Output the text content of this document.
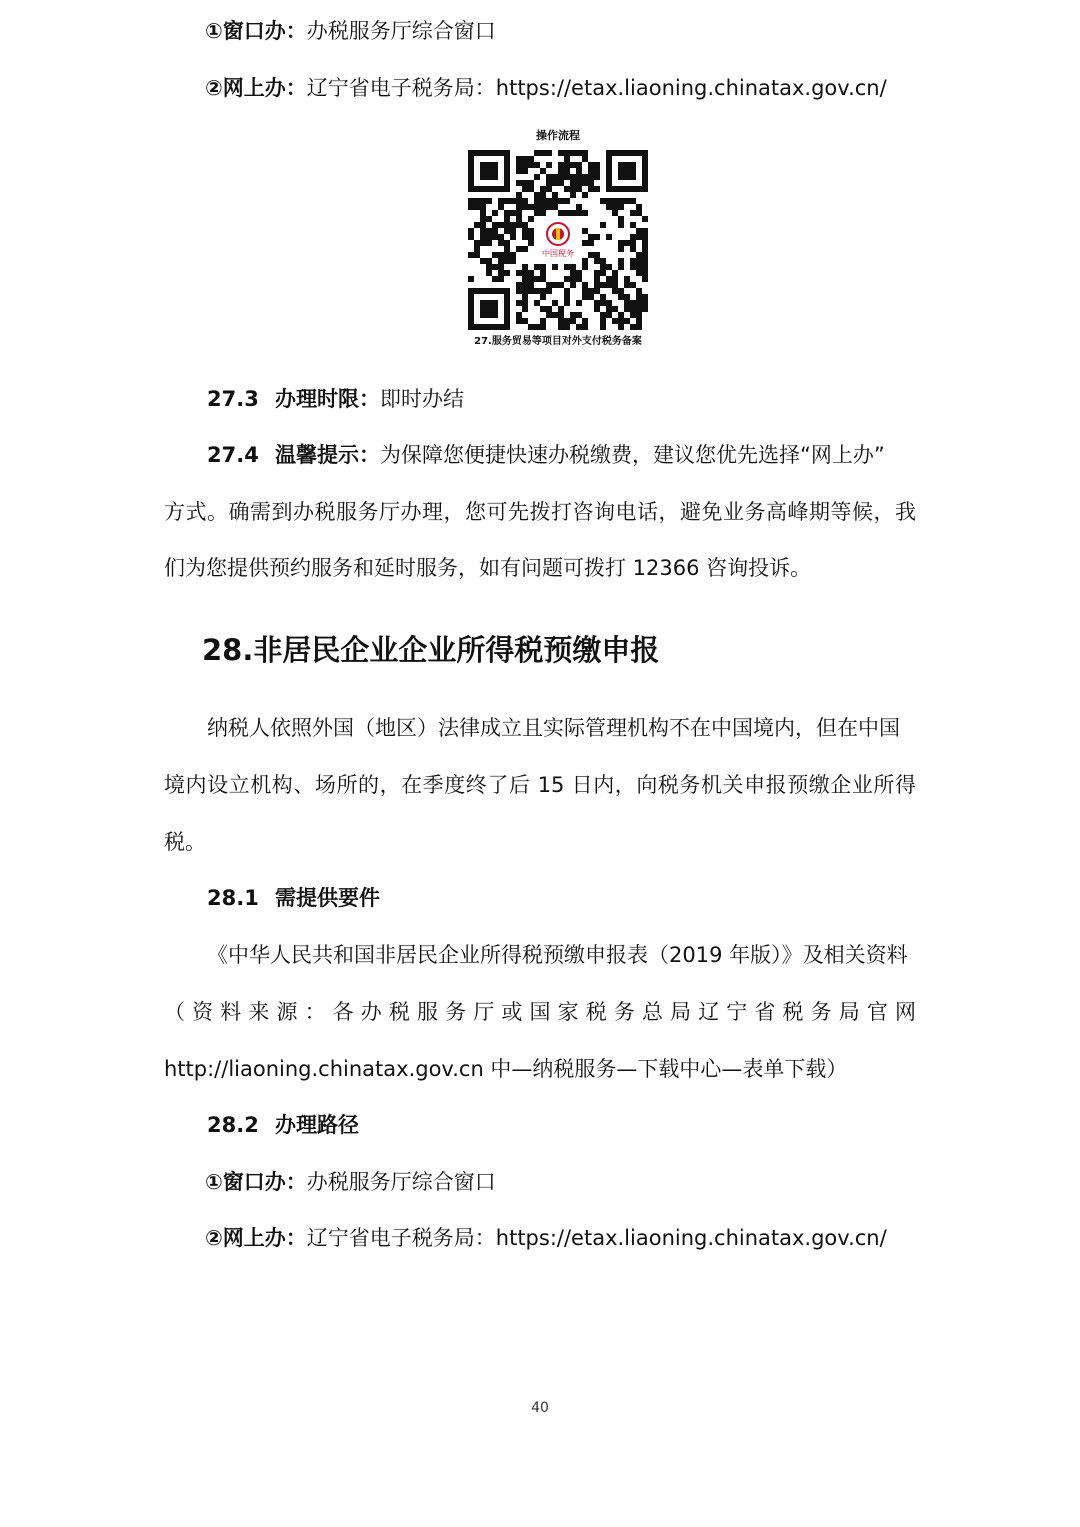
①窗口办：办税服务厅综合窗口
②网上办：辽宁省电子税务局：https://etax.liaoning.chinatax.gov.cn/
操作流程
中国税务
27.服务贸易等项目对外支付税务备案
27.3 办理时限：即时办结
27.4 温馨提示：为保障您便捷快速办税缴费，建议您优先选择“网上办”
方式。确需到办税服务厅办理，您可先拨打咨询电话，避免业务高峰期等候，我
们为您提供预约服务和延时服务，如有问题可拨打 12366 咨询投诉。
28.非居民企业企业所得税预缴申报
纳税人依照外国（地区）法律成立且实际管理机构不在中国境内，但在中国
境内设立机构、场所的，在季度终了后 15 日内，向税务机关申报预缴企业所得
税。
28.1 需提供要件
《中华人民共和国非居民企业所得税预缴申报表（2019 年版）》及相关资料
（资料来源：各办税服务厅或国家税务总局辽宁省税务局官网
http://liaoning.chinatax.gov.cn 中—纳税服务—下载中心—表单下载）
28.2 办理路径
①窗口办：办税服务厅综合窗口
②网上办：辽宁省电子税务局：https://etax.liaoning.chinatax.gov.cn/
40
